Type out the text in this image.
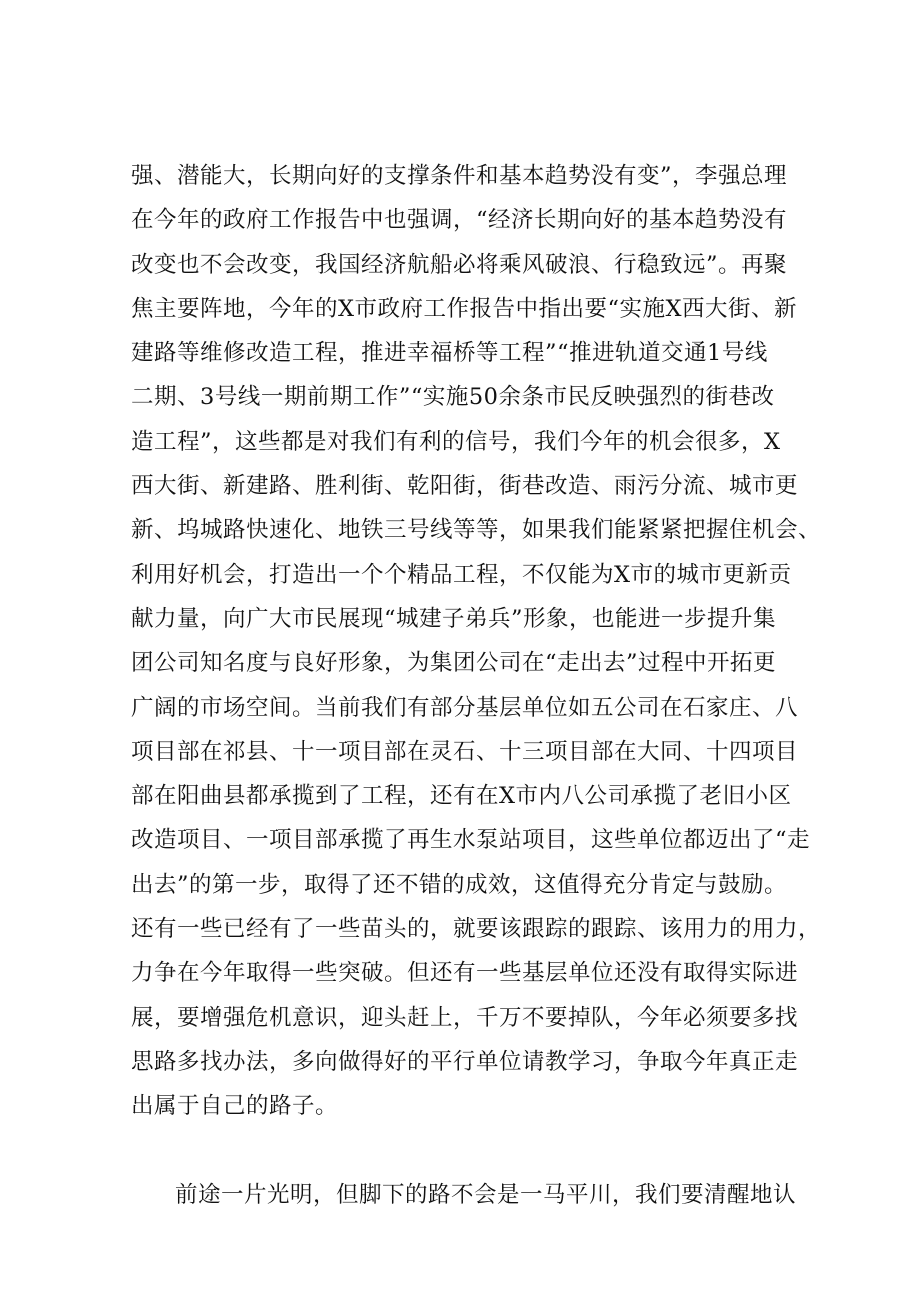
强、潜能大，长期向好的支撑条件和基本趋势没有变”，李强总理
在今年的政府工作报告中也强调，“经济长期向好的基本趋势没有
改变也不会改变，我国经济航船必将乘风破浪、行稳致远”。再聚
焦主要阵地，今年的X市政府工作报告中指出要“实施X西大街、新
建路等维修改造工程，推进幸福桥等工程”“推进轨道交通1号线
二期、3号线一期前期工作”“实施50余条市民反映强烈的街巷改
造工程”，这些都是对我们有利的信号，我们今年的机会很多，X
西大街、新建路、胜利街、乾阳街，街巷改造、雨污分流、城市更
新、坞城路快速化、地铁三号线等等，如果我们能紧紧把握住机会、
利用好机会，打造出一个个精品工程，不仅能为X市的城市更新贡
献力量，向广大市民展现“城建子弟兵”形象，也能进一步提升集
团公司知名度与良好形象，为集团公司在“走出去”过程中开拓更
广阔的市场空间。当前我们有部分基层单位如五公司在石家庄、八
项目部在祁县、十一项目部在灵石、十三项目部在大同、十四项目
部在阳曲县都承揽到了工程，还有在X市内八公司承揽了老旧小区
改造项目、一项目部承揽了再生水泵站项目，这些单位都迈出了“走
出去”的第一步，取得了还不错的成效，这值得充分肯定与鼓励。
还有一些已经有了一些苗头的，就要该跟踪的跟踪、该用力的用力，
力争在今年取得一些突破。但还有一些基层单位还没有取得实际进
展，要增强危机意识，迎头赶上，千万不要掉队，今年必须要多找
思路多找办法，多向做得好的平行单位请教学习，争取今年真正走
出属于自己的路子。
前途一片光明，但脚下的路不会是一马平川，我们要清醒地认
